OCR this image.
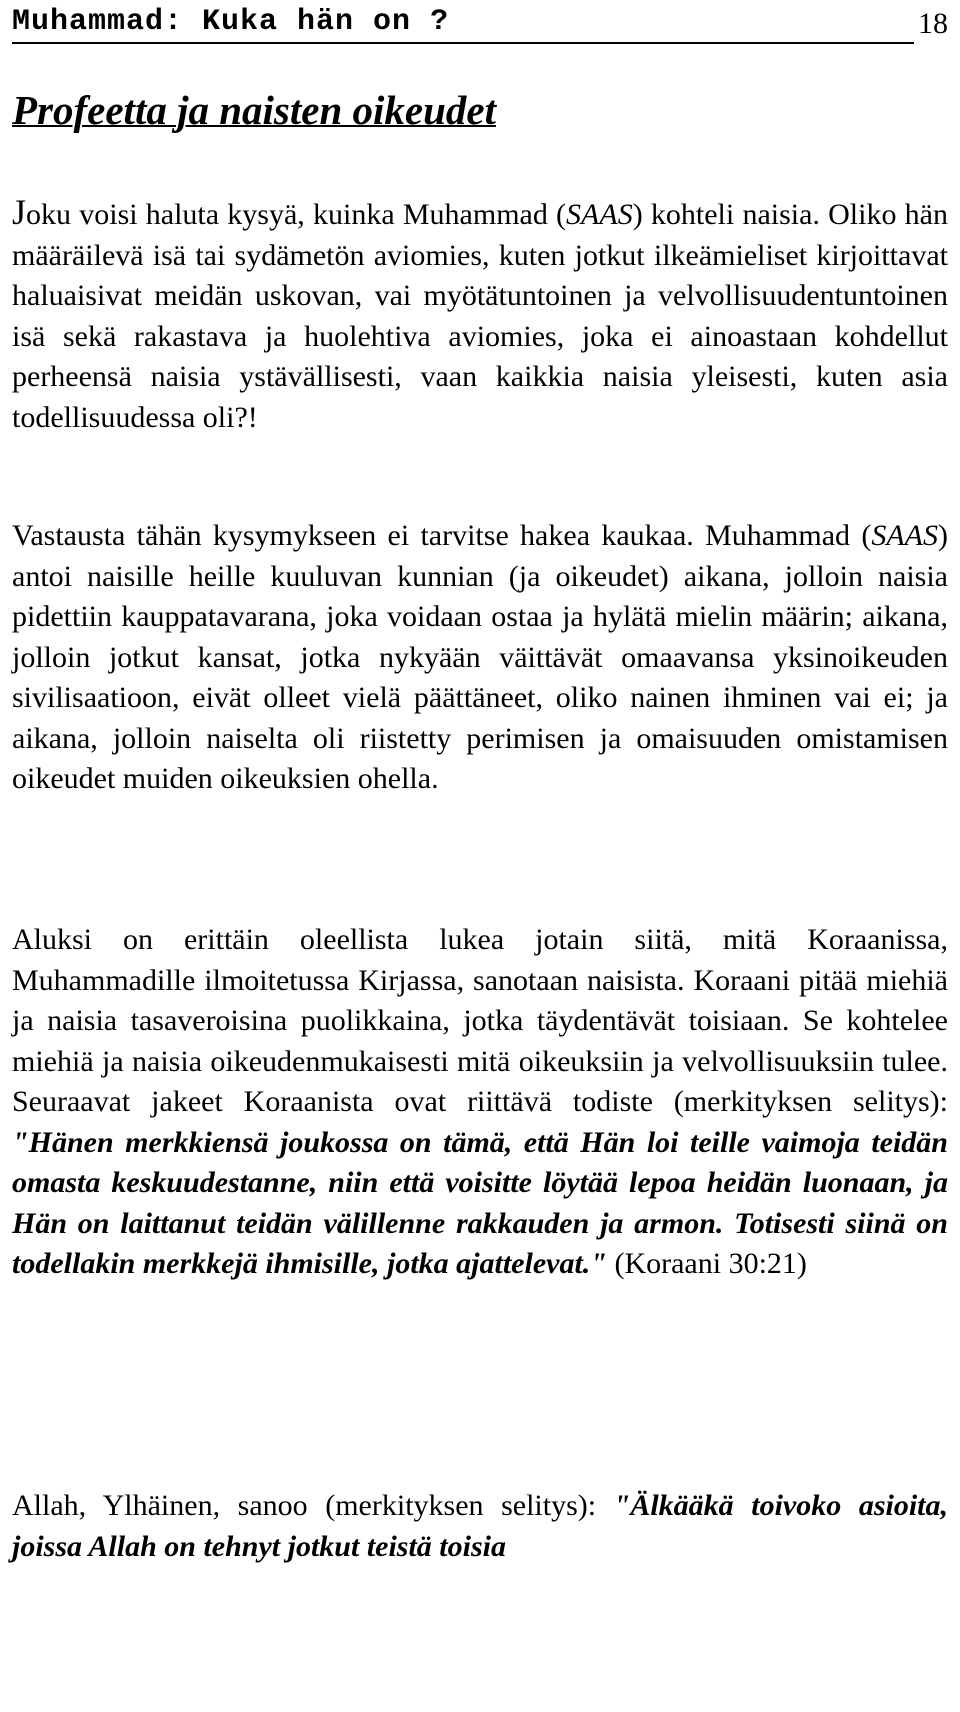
Muhammad: Kuka hän on ?	18
Profeetta ja naisten oikeudet

Joku voisi haluta kysyä, kuinka Muhammad (SAAS) kohteli naisia. Oliko hän määräilevä isä tai sydämetön aviomies, kuten jotkut ilkeämieliset kirjoittavat haluaisivat meidän uskovan, vai myötätuntoinen ja velvollisuudentuntoinen isä sekä rakastava ja huolehtiva aviomies, joka ei ainoastaan kohdellut perheensä naisia ystävällisesti, vaan kaikkia naisia yleisesti, kuten asia todellisuudessa oli?!

Vastausta tähän kysymykseen ei tarvitse hakea kaukaa. Muhammad (SAAS) antoi naisille heille kuuluvan kunnian (ja oikeudet) aikana, jolloin naisia pidettiin kauppatavarana, joka voidaan ostaa ja hylätä mielin määrin; aikana, jolloin jotkut kansat, jotka nykyään väittävät omaavansa yksinoikeuden sivilisaatioon, eivät olleet vielä päättäneet, oliko nainen ihminen vai ei; ja aikana, jolloin naiselta oli riistetty perimisen ja omaisuuden omistamisen oikeudet muiden oikeuksien ohella.

Aluksi on erittäin oleellista lukea jotain siitä, mitä Koraanissa, Muhammadille ilmoitetussa Kirjassa, sanotaan naisista. Koraani pitää miehiä ja naisia tasaveroisina puolikkaina, jotka täydentävät toisiaan. Se kohtelee miehiä ja naisia oikeudenmukaisesti mitä oikeuksiin ja velvollisuuksiin tulee. Seuraavat jakeet Koraanista ovat riittävä todiste (merkityksen selitys): "Hänen merkkiensä joukossa on tämä, että Hän loi teille vaimoja teidän omasta keskuudestanne, niin että voisitte löytää lepoa heidän luonaan, ja Hän on laittanut teidän välillenne rakkauden ja armon. Totisesti siinä on todellakin merkkejä ihmisille, jotka ajattelevat." (Koraani 30:21)

Allah, Ylhäinen, sanoo (merkityksen selitys): "Älkääkä toivoko asioita, joissa Allah on tehnyt jotkut teistä toisia
